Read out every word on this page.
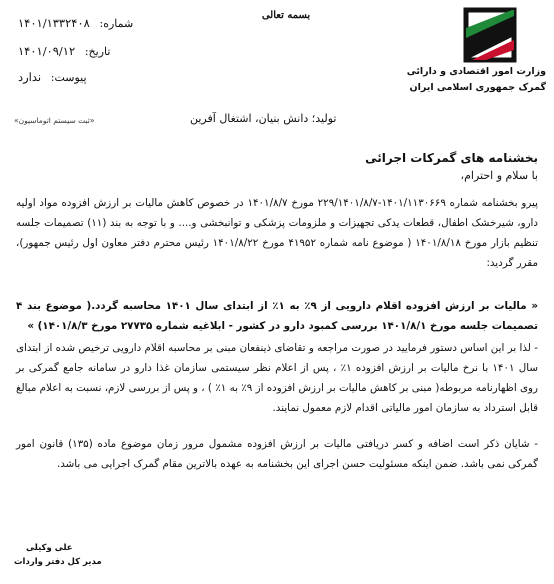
بسمه تعالی
وزارت امور اقتصادی و دارائی
گمرک جمهوری اسلامی ایران
شماره: ۱۴۰۱/۱۳۳۲۴۰۸
تاریخ: ۱۴۰۱/۰۹/۱۲
پیوست: ندارد
«ثبت سیستم اتوماسیون»	تولید؛ دانش بنیان، اشتغال آفرین
بخشنامه های گمرکات اجرائی
با سلام و احترام،

پیرو بخشنامه شماره ۱۴۰۱/۱۱۳۰۶۶۹-۲۲۹/۱۴۰۱/۸/۷ مورخ ۱۴۰۱/۸/۷ در خصوص کاهش مالیات بر ارزش افزوده مواد اولیه دارو، شیرخشک اطفال، قطعات یدکی تجهیزات و ملزومات پزشکی و توانبخشی و.... و با توجه به بند (۱۱) تصمیمات جلسه تنظیم بازار مورخ ۱۴۰۱/۸/۱۸ ( موضوع نامه شماره ۴۱۹۵۲ مورخ ۱۴۰۱/۸/۲۲ رئیس محترم دفتر معاون اول رئیس جمهور)، مقرر گردید:

« مالیات بر ارزش افزوده اقلام دارویی از ۹٪ به ۱٪ از ابتدای سال ۱۴۰۱ محاسبه گردد.( موضوع بند ۴ تصمیمات جلسه مورخ ۱۴۰۱/۸/۱ بررسی کمبود دارو در کشور - ابلاغیه شماره ۲۷۷۳۵ مورخ ۱۴۰۱/۸/۳) »

- لذا بر این اساس دستور فرمایید در صورت مراجعه و تقاضای ذینفعان مبنی بر محاسبه اقلام دارویی ترخیص شده از ابتدای سال ۱۴۰۱ با نرخ مالیات بر ارزش افزوده ۱٪ ، پس از اعلام نظر سیستمی سازمان غذا دارو در سامانه جامع گمرکی بر روی اظهارنامه مربوطه( مبنی بر کاهش مالیات بر ارزش افزوده از ۹٪ به ۱٪ ) ، و پس از بررسی لازم، نسبت به اعلام مبالغ قابل استرداد به سازمان امور مالیاتی اقدام لازم معمول نمایند.

- شایان ذکر است اضافه و کسر دریافتی مالیات بر ارزش افزوده مشمول مرور زمان موضوع ماده (۱۳۵) قانون امور گمرکی نمی باشد. ضمن اینکه مسئولیت حسن اجرای این بخشنامه به عهده بالاترین مقام گمرک اجرایی می باشد.

علی وکیلی
مدیر کل دفتر واردات
